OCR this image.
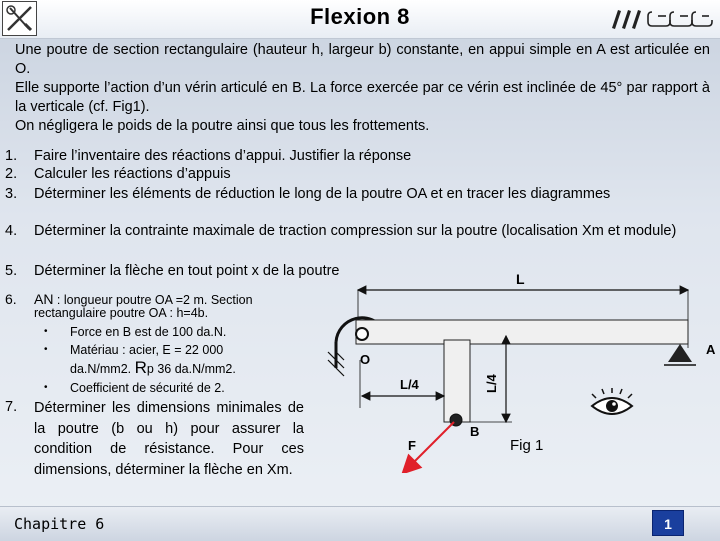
Flexion 8

Une poutre de section rectangulaire (hauteur h, largeur b) constante, en appui simple en A est articulée en O.

Elle supporte l’action d’un vérin articulé en B. La force exercée par ce vérin est inclinée de 45° par rapport à la verticale (cf. Fig1).

On négligera le poids de la poutre ainsi que tous les frottements.

1. Faire l’inventaire des réactions d’appui. Justifier la réponse
2. Calculer les réactions d’appuis
3. Déterminer les éléments de réduction le long de la poutre OA et en tracer les diagrammes
4. Déterminer la contrainte maximale de traction compression sur la poutre (localisation Xm et module)
5. Déterminer la flèche en tout point x de la poutre
6. AN : longueur poutre OA =2 m. Section
rectangulaire poutre OA : h=4b.
• Force en B est de 100 da.N.
• Matériau : acier, E = 22 000
da.N/mm2. Rp 36 da.N/mm2.
• Coefficient de sécurité de 2.
7. Déterminer les dimensions minimales de la poutre (b ou h) pour assurer la condition de résistance. Pour ces dimensions, déterminer la flèche en Xm.
L
O
A
B
L/4	L/4
F	Fig 1
Chapitre 6	1
